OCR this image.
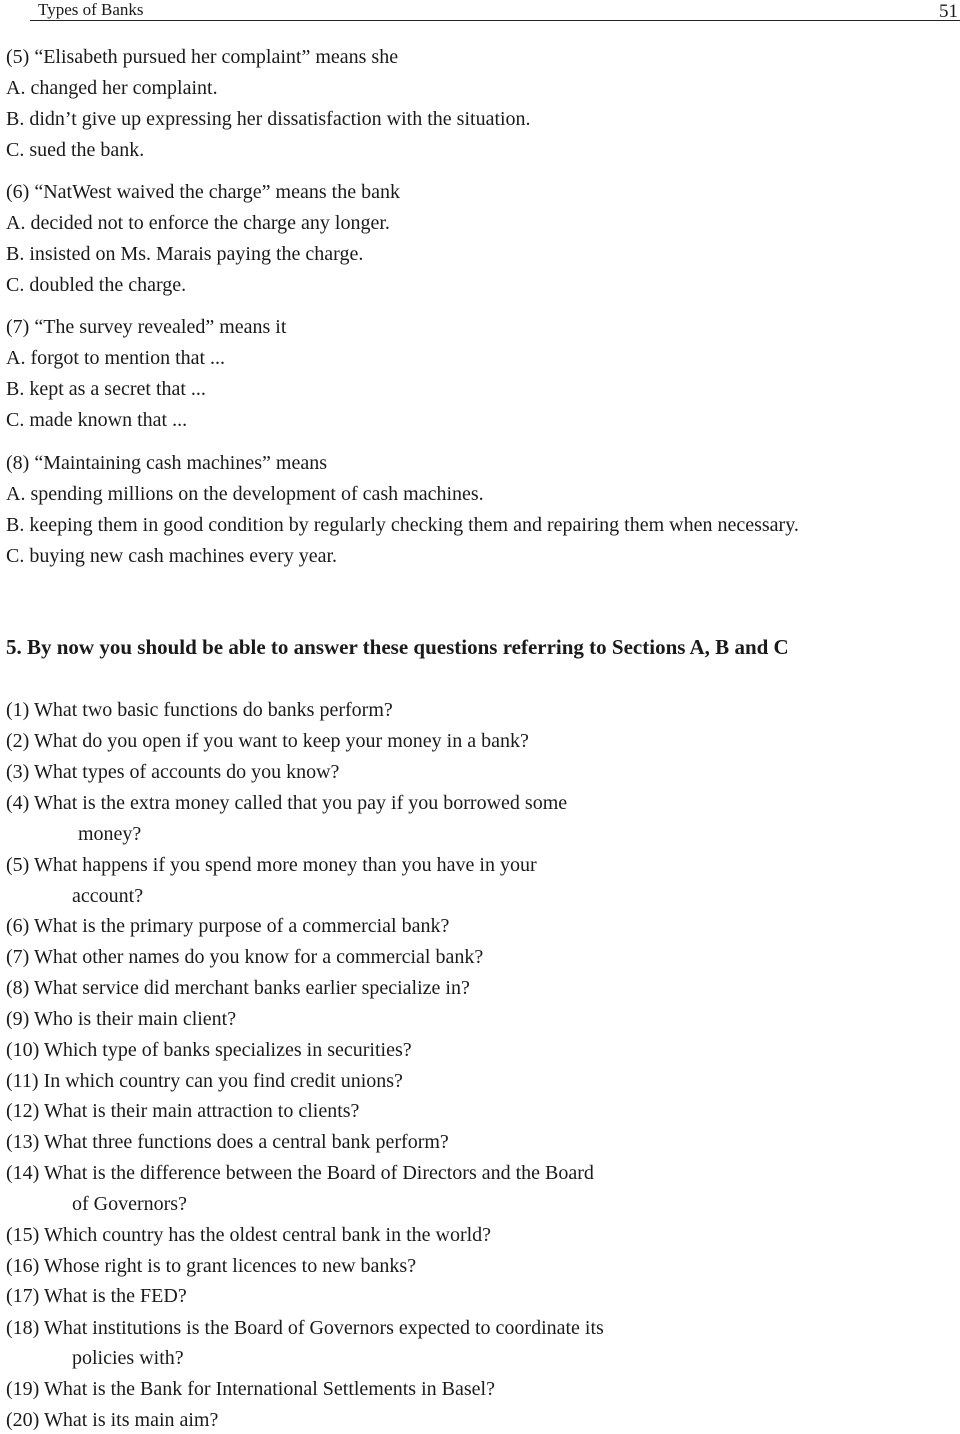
Types of Banks	51
(5) “Elisabeth pursued her complaint” means she
A. changed her complaint.
B. didn’t give up expressing her dissatisfaction with the situation.
C. sued the bank.
(6) “NatWest waived the charge” means the bank
A. decided not to enforce the charge any longer.
B. insisted on Ms. Marais paying the charge.
C. doubled the charge.
(7) “The survey revealed” means it
A. forgot to mention that ...
B. kept as a secret that ...
C. made known that ...
(8) “Maintaining cash machines” means
A. spending millions on the development of cash machines.
B. keeping them in good condition by regularly checking them and repairing them when necessary.
C. buying new cash machines every year.
5. By now you should be able to answer these questions referring to Sections A, B and C
(1) What two basic functions do banks perform?
(2) What do you open if you want to keep your money in a bank?
(3) What types of accounts do you know?
(4) What is the extra money called that you pay if you borrowed some
money?
(5) What happens if you spend more money than you have in your
account?
(6) What is the primary purpose of a commercial bank?
(7) What other names do you know for a commercial bank?
(8) What service did merchant banks earlier specialize in?
(9) Who is their main client?
(10) Which type of banks specializes in securities?
(11) In which country can you find credit unions?
(12) What is their main attraction to clients?
(13) What three functions does a central bank perform?
(14) What is the difference between the Board of Directors and the Board
of Governors?
(15) Which country has the oldest central bank in the world?
(16) Whose right is to grant licences to new banks?
(17) What is the FED?
(18) What institutions is the Board of Governors expected to coordinate its
policies with?
(19) What is the Bank for International Settlements in Basel?
(20) What is its main aim?
